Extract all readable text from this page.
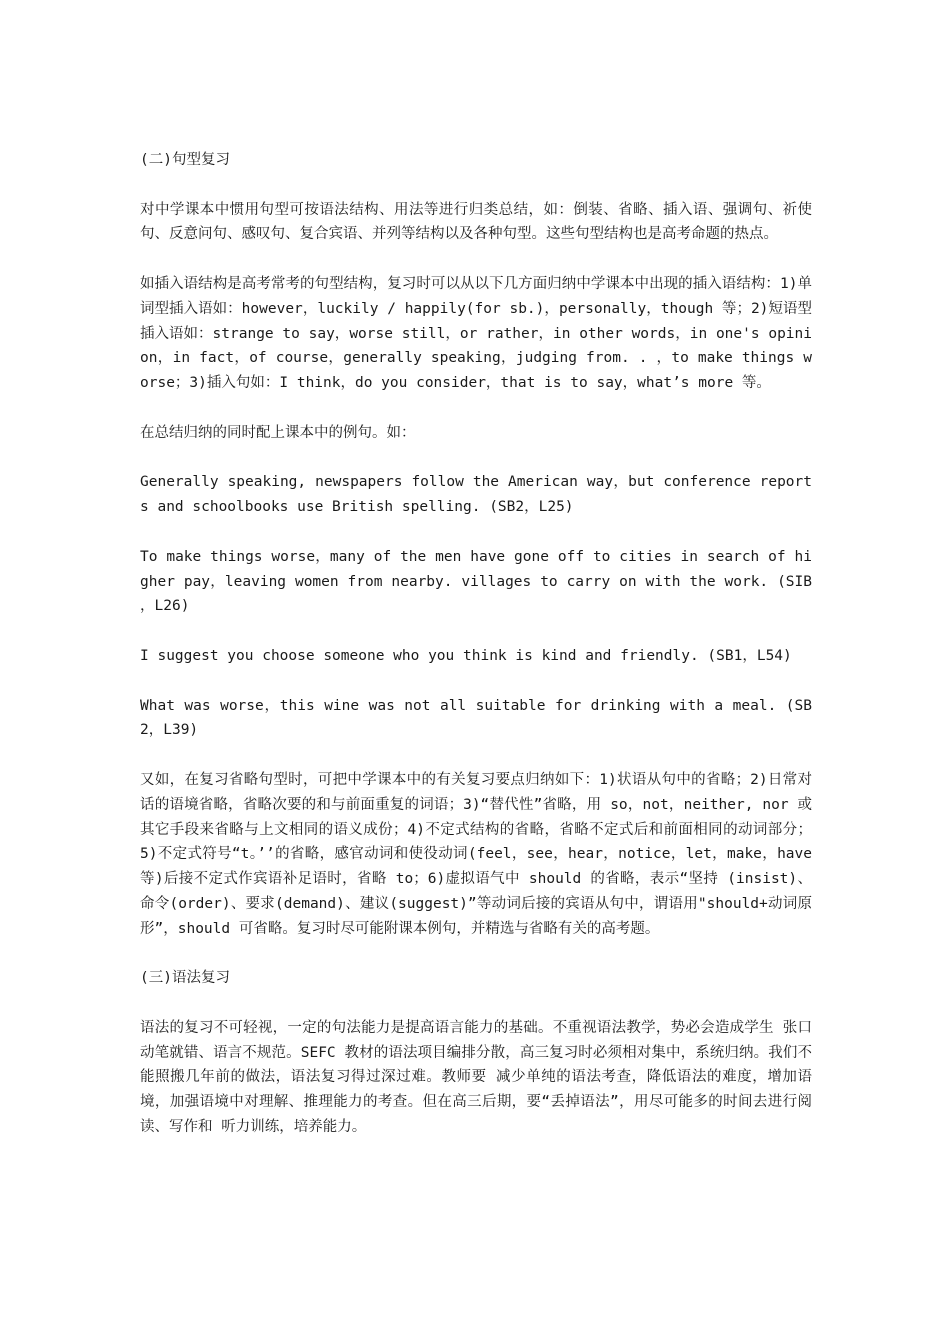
(二)句型复习

对中学课本中惯用句型可按语法结构、用法等进行归类总结，如：倒装、省略、插入语、强调句、祈使句、反意问句、感叹句、复合宾语、并列等结构以及各种句型。这些句型结构也是高考命题的热点。

如插入语结构是高考常考的句型结构，复习时可以从以下几方面归纳中学课本中出现的插入语结构：1)单词型插入语如：however，luckily / happily(for sb.)，personally，though 等；2)短语型插入语如：strange to say，worse still，or rather，in other words，in one's opinion，in fact，of course，generally speaking，judging from. . ，to make things worse；3)插入句如：I think，do you consider，that is to say，what’s more 等。

在总结归纳的同时配上课本中的例句。如：

Generally speaking, newspapers follow the American way，but conference reports and schoolbooks use British spelling. (SB2，L25)

To make things worse，many of the men have gone off to cities in search of higher pay，leaving women from nearby. villages to carry on with the work. (SIB ，L26)

I suggest you choose someone who you think is kind and friendly. (SB1，L54)

What was worse，this wine was not all suitable for drinking with a meal. (SB2，L39)

又如，在复习省略句型时，可把中学课本中的有关复习要点归纳如下：1)状语从句中的省略；2)日常对话的语境省略，省略次要的和与前面重复的词语；3)“替代性”省略，用 so，not，neither, nor 或其它手段来省略与上文相同的语义成份；4)不定式结构的省略，省略不定式后和前面相同的动词部分；5)不定式符号“t。’’的省略，感官动词和使役动词(feel，see，hear，notice，let，make，have 等)后接不定式作宾语补足语时，省略 to；6)虚拟语气中 should 的省略，表示“坚持 (insist)、命令(order)、要求(demand)、建议(suggest)”等动词后接的宾语从句中，谓语用"should+动词原形”，should 可省略。复习时尽可能附课本例句，并精选与省略有关的高考题。

(三)语法复习

语法的复习不可轻视，一定的句法能力是提高语言能力的基础。不重视语法教学，势必会造成学生 张口动笔就错、语言不规范。SEFC 教材的语法项目编排分散，高三复习时必须相对集中，系统归纳。我们不能照搬几年前的做法，语法复习得过深过难。教师要 减少单纯的语法考查，降低语法的难度，增加语境，加强语境中对理解、推理能力的考查。但在高三后期，要“丢掉语法”，用尽可能多的时间去进行阅读、写作和 听力训练，培养能力。
